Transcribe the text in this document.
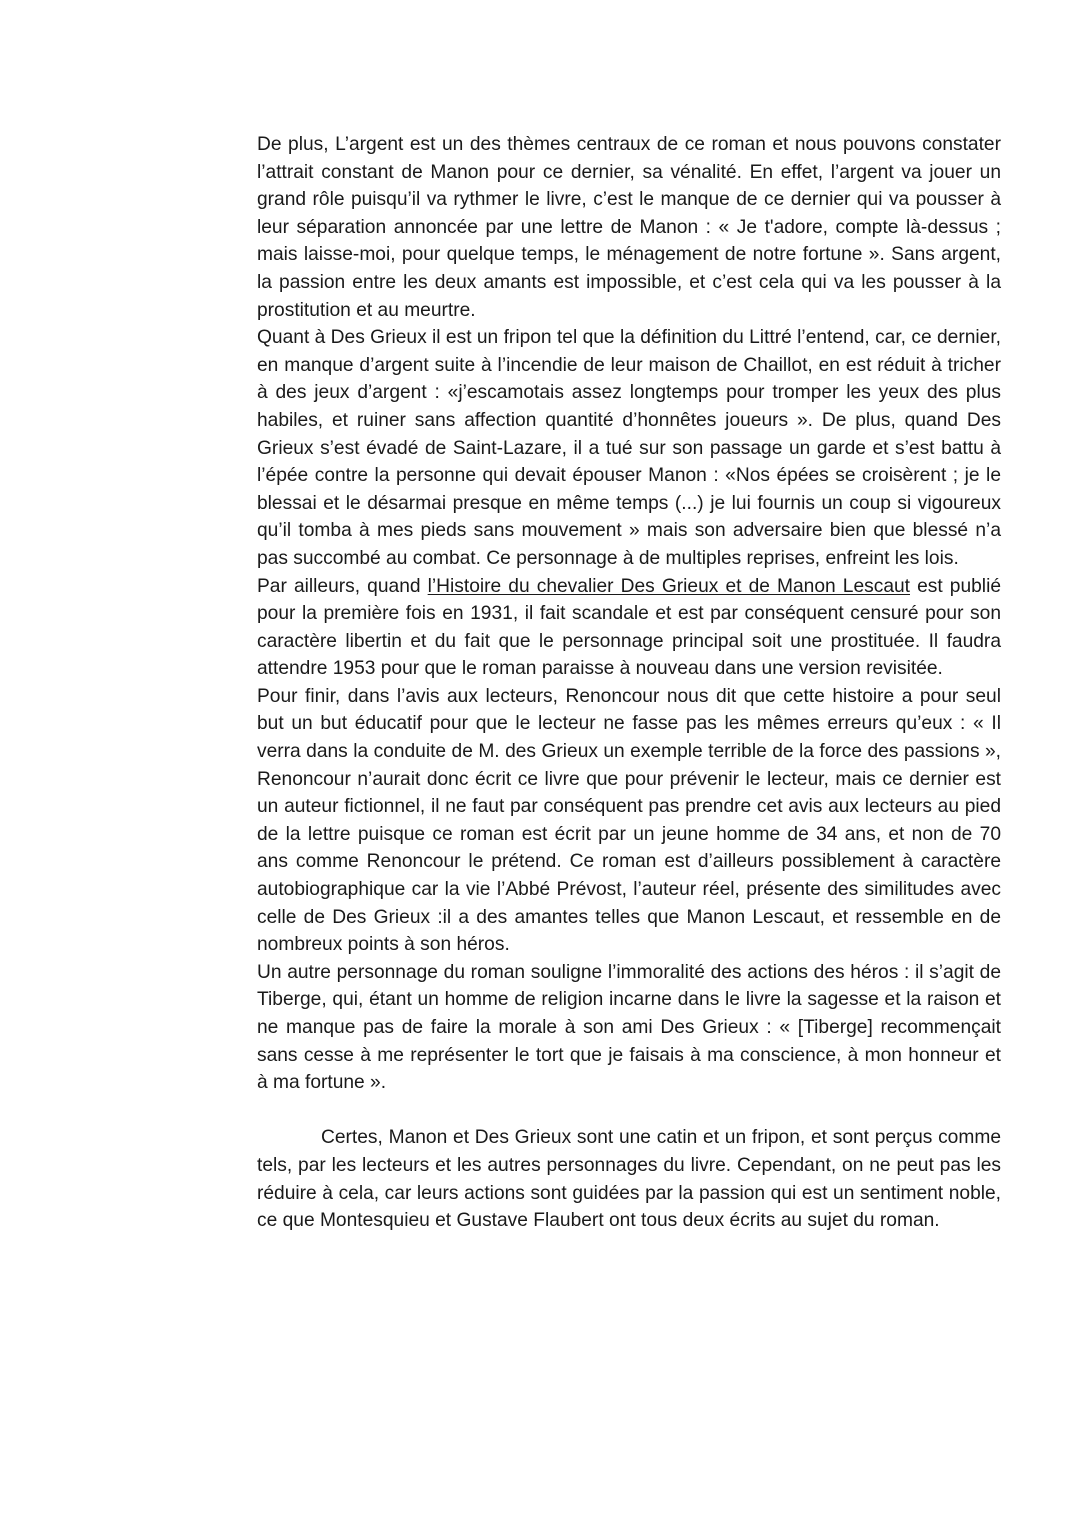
De plus, L’argent est un des thèmes centraux de ce roman et nous pouvons constater l’attrait constant de Manon pour ce dernier, sa vénalité. En effet, l’argent va jouer un grand rôle puisqu’il va rythmer le livre, c’est le manque de ce dernier qui va pousser à leur séparation annoncée par une lettre de Manon : « Je t'adore, compte là-dessus ; mais laisse-moi, pour quelque temps, le ménagement de notre fortune ». Sans argent, la passion entre les deux amants est impossible, et c’est cela qui va les pousser à la prostitution et au meurtre.

Quant à Des Grieux il est un fripon tel que la définition du Littré l’entend, car, ce dernier, en manque d’argent suite à l’incendie de leur maison de Chaillot, en est réduit à tricher à des jeux d’argent : «j’escamotais assez longtemps pour tromper les yeux des plus habiles, et ruiner sans affection quantité d’honnêtes joueurs ». De plus, quand Des Grieux s’est évadé de Saint-Lazare, il a tué sur son passage un garde et s’est battu à l’épée contre la personne qui devait épouser Manon : «Nos épées se croisèrent ; je le blessai et le désarmai presque en même temps (...) je lui fournis un coup si vigoureux qu’il tomba à mes pieds sans mouvement » mais son adversaire bien que blessé n’a pas succombé au combat. Ce personnage à de multiples reprises, enfreint les lois.

Par ailleurs, quand l’Histoire du chevalier Des Grieux et de Manon Lescaut est publié pour la première fois en 1931, il fait scandale et est par conséquent censuré pour son caractère libertin et du fait que le personnage principal soit une prostituée. Il faudra attendre 1953 pour que le roman paraisse à nouveau dans une version revisitée.

Pour finir, dans l’avis aux lecteurs, Renoncour nous dit que cette histoire a pour seul but un but éducatif pour que le lecteur ne fasse pas les mêmes erreurs qu’eux : « Il verra dans la conduite de M. des Grieux un exemple terrible de la force des passions », Renoncour n’aurait donc écrit ce livre que pour prévenir le lecteur, mais ce dernier est un auteur fictionnel, il ne faut par conséquent pas prendre cet avis aux lecteurs au pied de la lettre puisque ce roman est écrit par un jeune homme de 34 ans, et non de 70 ans comme Renoncour le prétend. Ce roman est d’ailleurs possiblement à caractère autobiographique car la vie l’Abbé Prévost, l’auteur réel, présente des similitudes avec celle de Des Grieux :il a des amantes telles que Manon Lescaut, et ressemble en de nombreux points à son héros.

Un autre personnage du roman souligne l’immoralité des actions des héros : il s’agit de Tiberge, qui, étant un homme de religion incarne dans le livre la sagesse et la raison et ne manque pas de faire la morale à son ami Des Grieux : « [Tiberge] recommençait sans cesse à me représenter le tort que je faisais à ma conscience, à mon honneur et à ma fortune ».

Certes, Manon et Des Grieux sont une catin et un fripon, et sont perçus comme tels, par les lecteurs et les autres personnages du livre. Cependant, on ne peut pas les réduire à cela, car leurs actions sont guidées par la passion qui est un sentiment noble, ce que Montesquieu et Gustave Flaubert ont tous deux écrits au sujet du roman.
